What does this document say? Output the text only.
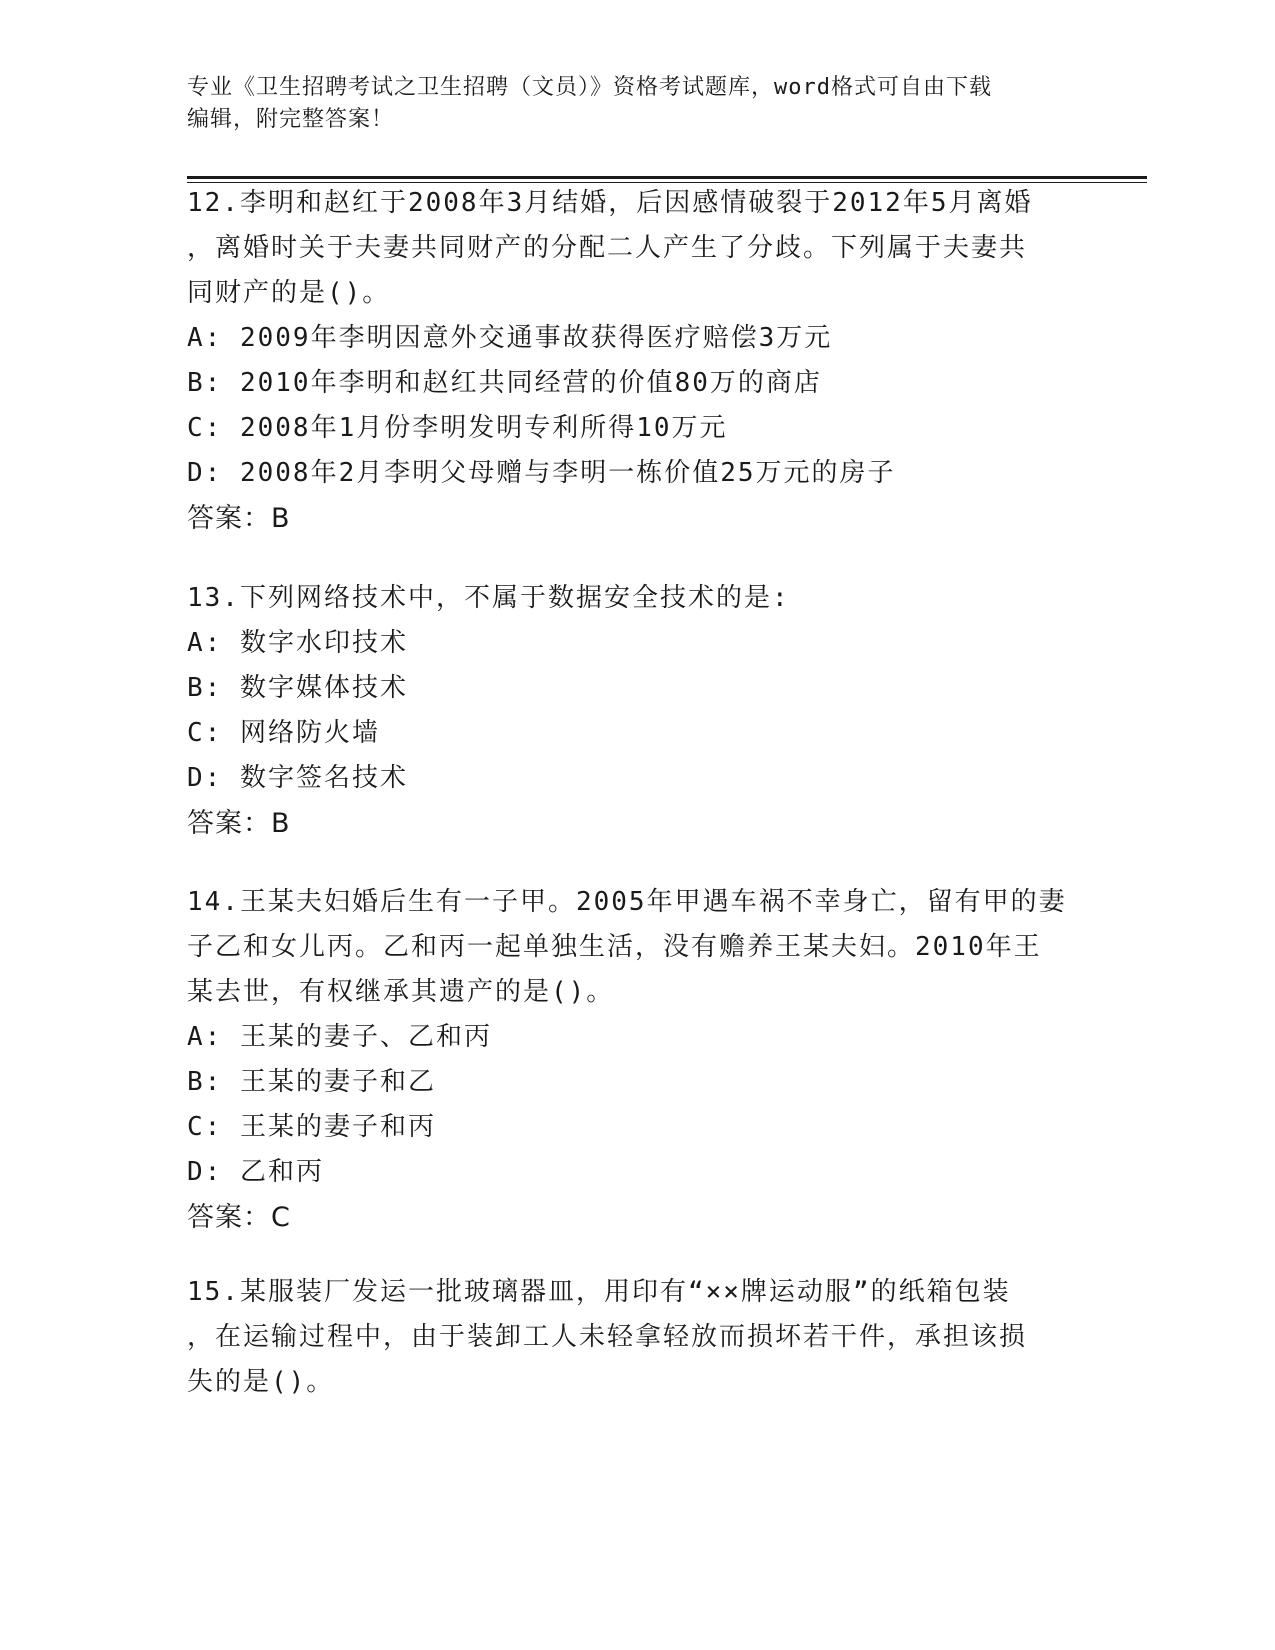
专业《卫生招聘考试之卫生招聘（文员）》资格考试题库，word格式可自由下载
编辑，附完整答案！
12.李明和赵红于2008年3月结婚，后因感情破裂于2012年5月离婚
，离婚时关于夫妻共同财产的分配二人产生了分歧。下列属于夫妻共
同财产的是()。
A: 2009年李明因意外交通事故获得医疗赔偿3万元
B: 2010年李明和赵红共同经营的价值80万的商店
C: 2008年1月份李明发明专利所得10万元
D: 2008年2月李明父母赠与李明一栋价值25万元的房子
答案：B
13.下列网络技术中，不属于数据安全技术的是:
A: 数字水印技术
B: 数字媒体技术
C: 网络防火墙
D: 数字签名技术
答案：B
14.王某夫妇婚后生有一子甲。2005年甲遇车祸不幸身亡，留有甲的妻
子乙和女儿丙。乙和丙一起单独生活，没有赡养王某夫妇。2010年王
某去世，有权继承其遗产的是()。
A: 王某的妻子、乙和丙
B: 王某的妻子和乙
C: 王某的妻子和丙
D: 乙和丙
答案：C
15.某服装厂发运一批玻璃器皿，用印有“××牌运动服”的纸箱包装
，在运输过程中，由于装卸工人未轻拿轻放而损坏若干件，承担该损
失的是()。
